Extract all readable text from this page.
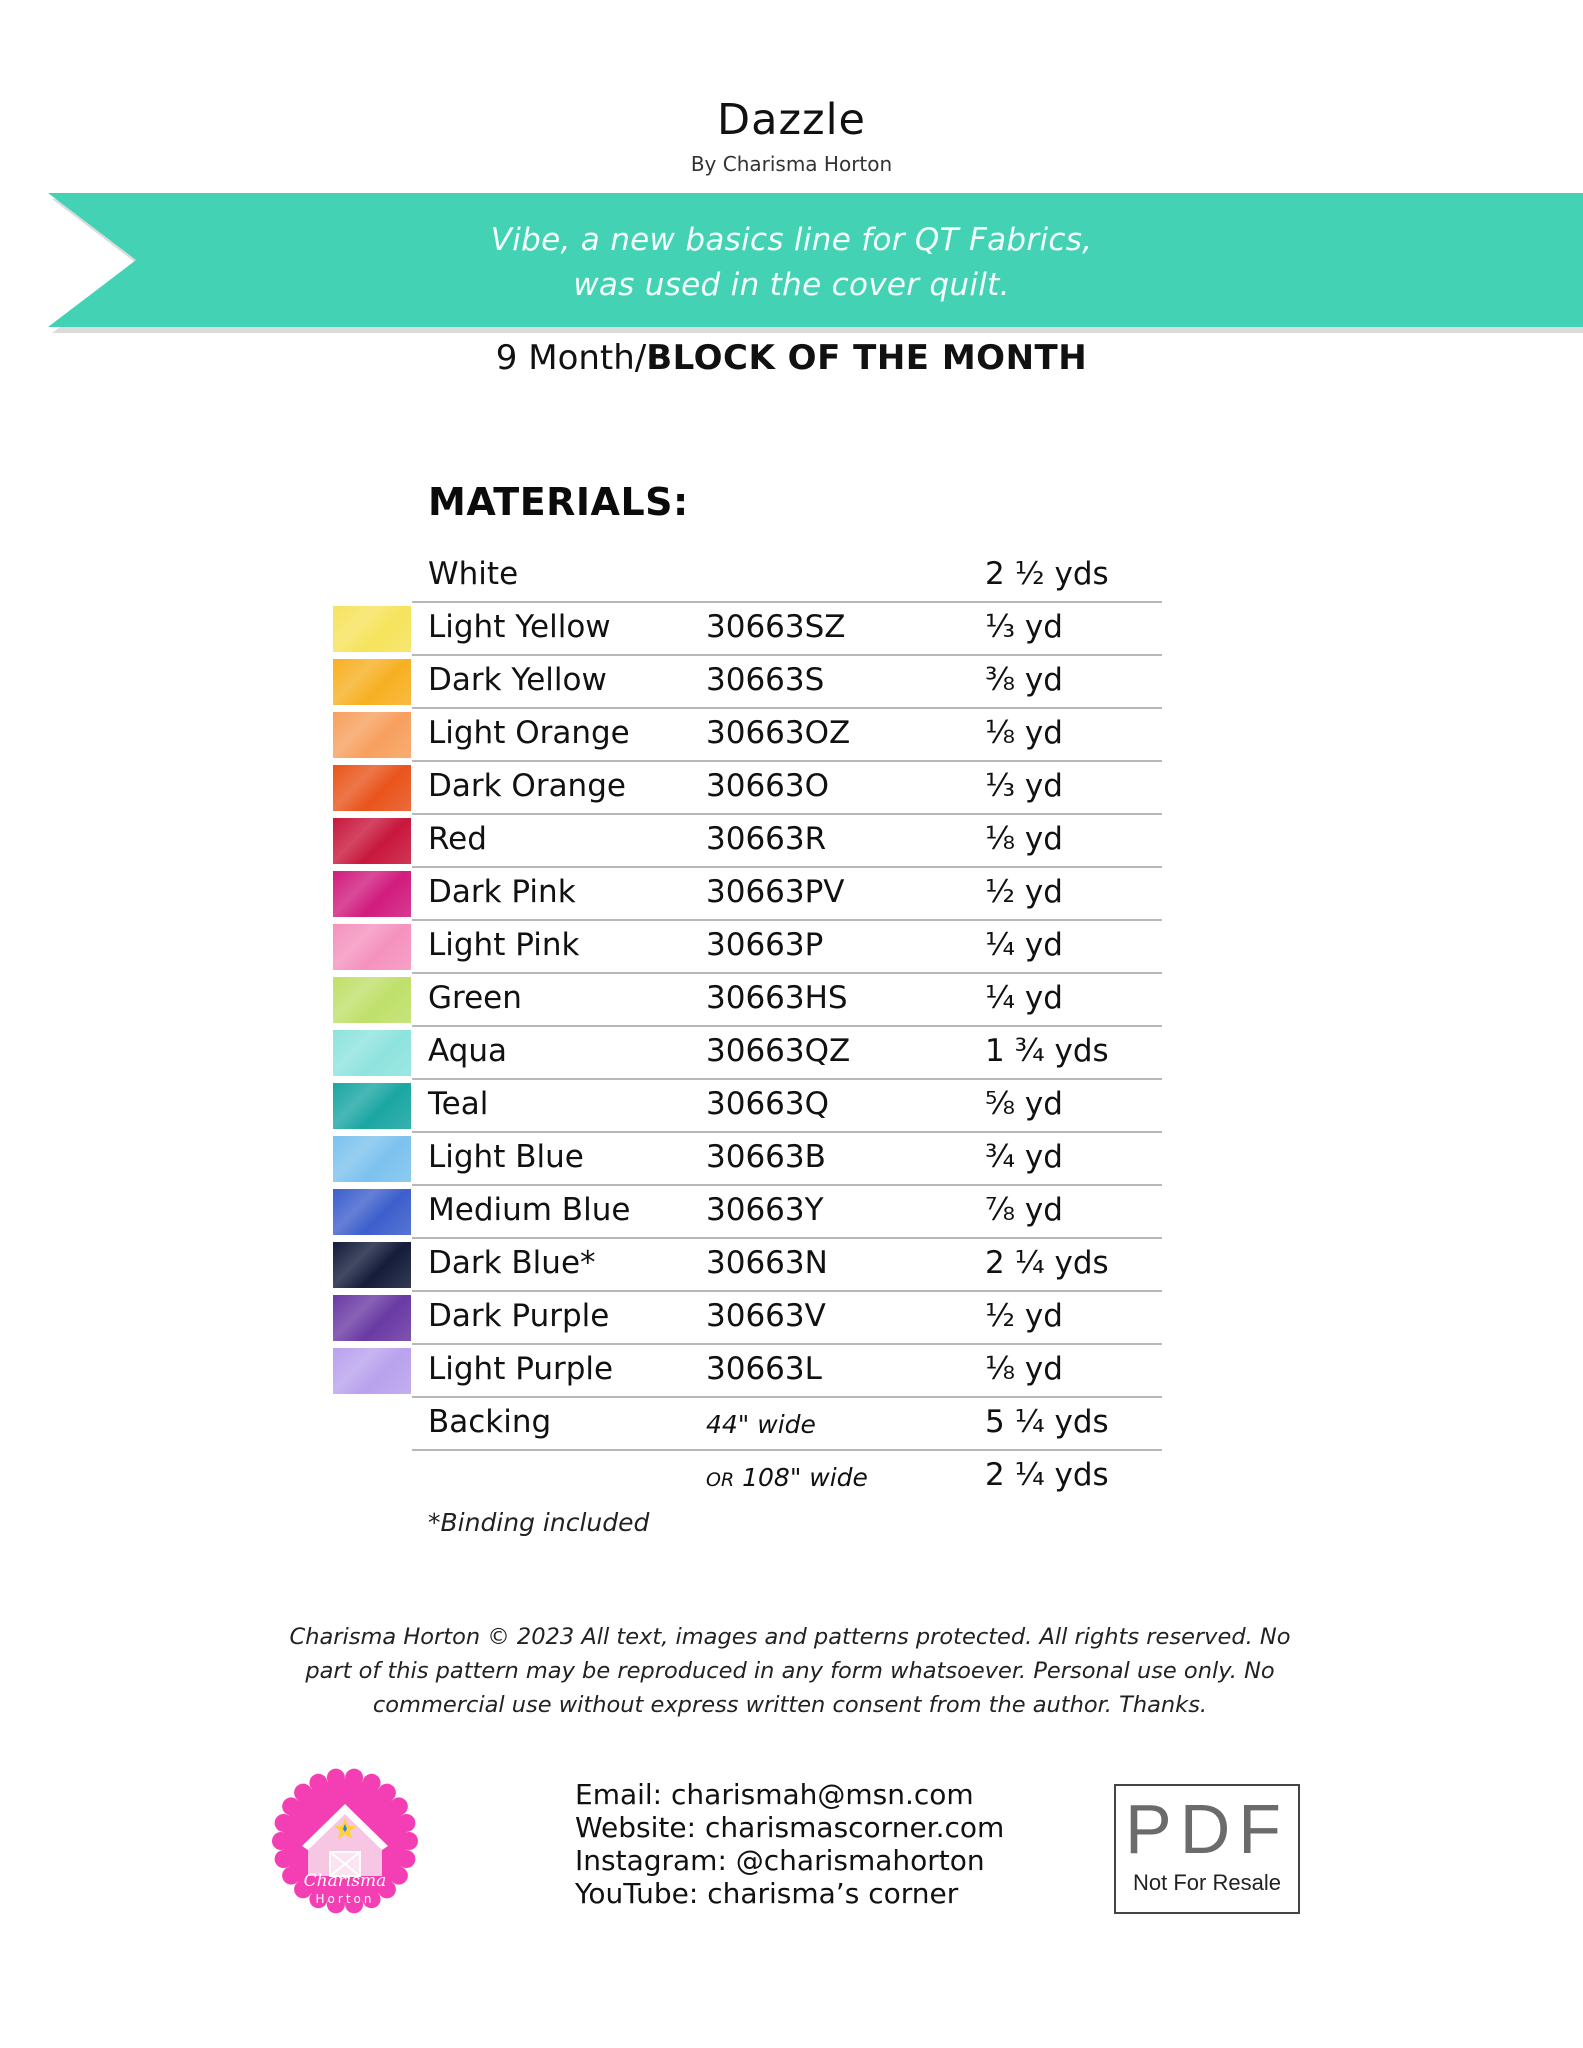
Dazzle
By Charisma Horton
Vibe, a new basics line for QT Fabrics,
was used in the cover quilt.
9 Month/BLOCK OF THE MONTH
MATERIALS:
White	2 ½ yds
Light Yellow	30663SZ	⅓ yd
Dark Yellow	30663S	⅜ yd
Light Orange 30663OZ	⅛ yd
Dark Orange	30663O	⅓ yd
Red	30663R	⅛ yd
Dark Pink	30663PV	½ yd
Light Pink	30663P	¼ yd
Green	30663HS	¼ yd
Aqua	30663QZ	1 ¾ yds
Teal	30663Q	⅝ yd
Light Blue	30663B	¾ yd
Medium Blue 30663Y	⅞ yd
Dark Blue*	30663N	2 ¼ yds
Dark Purple	30663V	½ yd
Light Purple	30663L	⅛ yd
Backing	44" wide	5 ¼ yds
OR 108" wide	2 ¼ yds
*Binding included
Charisma Horton © 2023 All text, images and patterns protected. All rights reserved. No part of this pattern may be reproduced in any form whatsoever. Personal use only. No commercial use without express written consent from the author. Thanks.
Charisma
Horton
Email: charismah@msn.com
Website: charismascorner.com
Instagram: @charismahorton
YouTube: charisma’s corner
PDF
Not For Resale
